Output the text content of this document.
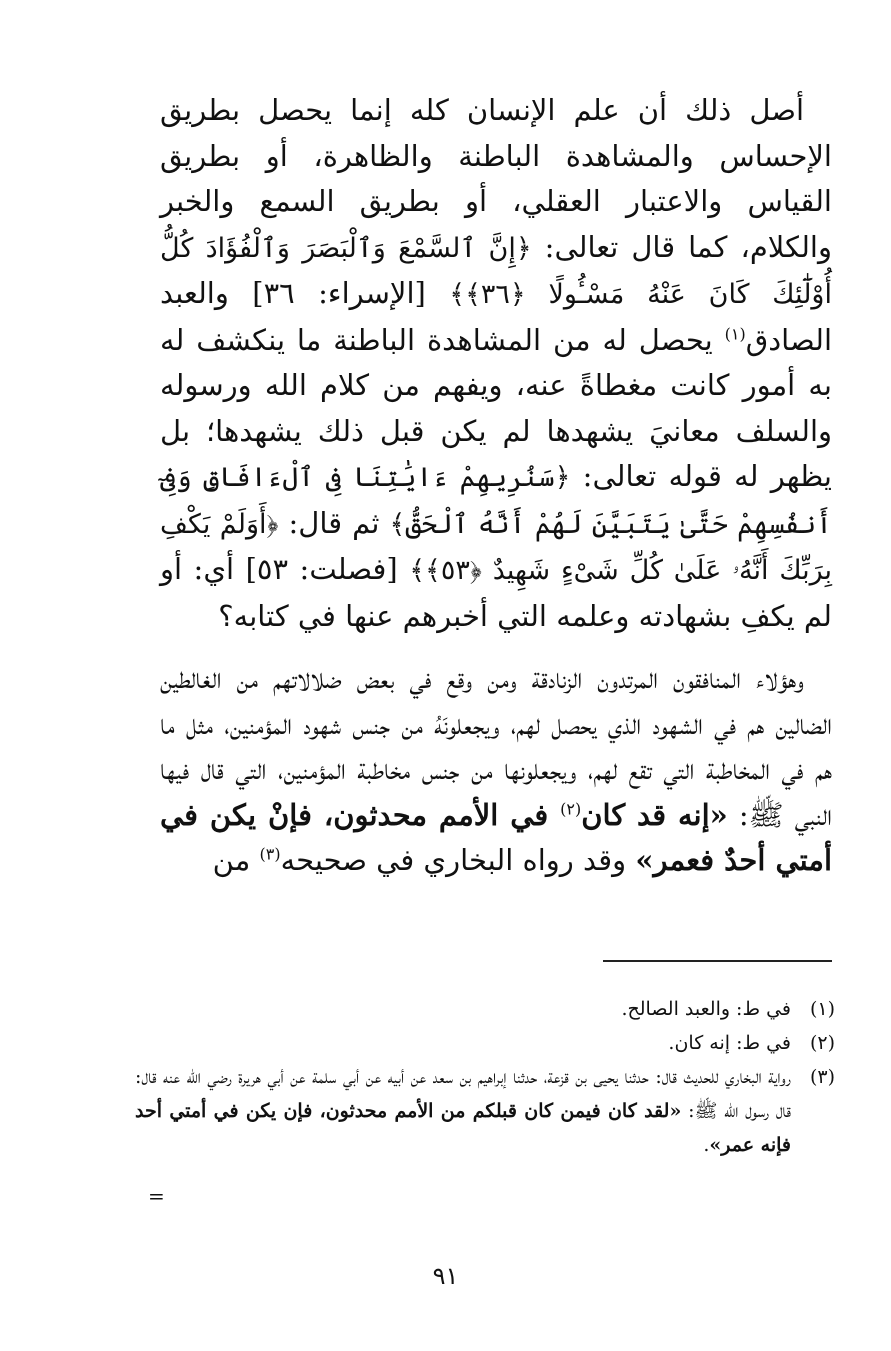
أصل ذلك أن علم الإنسان كله إنما يحصل بطريق الإحساس والمشاهدة الباطنة والظاهرة، أو بطريق القياس والاعتبار العقلي، أو بطريق السمع والخبر والكلام، كما قال تعالى: ﴿إِنَّ ٱلسَّمْعَ وَٱلْبَصَرَ وَٱلْفُؤَادَ كُلُّ أُوْلَٰٓئِكَ كَانَ عَنْهُ مَسْـُٔولًا ﴿٣٦﴾﴾ [الإسراء: ٣٦] والعبد الصادق$^{(١)}$ يحصل له من المشاهدة الباطنة ما ينكشف له به أمور كانت مغطاةً عنه، ويفهم من كلام الله ورسوله والسلف معانيَ يشهدها لم يكن قبل ذلك يشهدها؛ بل يظهر له قوله تعالى: ﴿سَنُرِيهِمْ ءَايَٰتِنَا فِى ٱلْءَافَاقِ وَفِىٓ أَنفُسِهِمْ حَتَّىٰ يَتَبَيَّنَ لَهُمْ أَنَّهُ ٱلْحَقُّ﴾ ثم قال: ﴿أَوَلَمْ يَكْفِ بِرَبِّكَ أَنَّهُۥ عَلَىٰ كُلِّ شَىْءٍ شَهِيدٌ ﴿٥٣﴾﴾ [فصلت: ٥٣] أي: أو لم يكفِ بشهادته وعلمه التي أخبرهم عنها في كتابه؟

وهؤلاء المنافقون المرتدون الزنادقة ومن وقع في بعض ضلالاتهم من الغالطين الضالين هم في الشهود الذي يحصل لهم، ويجعلونَهُ من جنس شهود المؤمنين، مثل ما هم في المخاطبة التي تقع لهم، ويجعلونها من جنس مخاطبة المؤمنين، التي قال فيها النبي ﷺ: «إنه قد كان$^{(٢)}$ في الأمم محدثون، فإنْ يكن في أمتي أحدٌ فعمر» وقد رواه البخاري في صحيحه$^{(٣)}$ من

(١)
في ط: والعبد الصالح.
(٢)
في ط: إنه كان.
(٣)
رواية البخاري للحديث قال: حدثنا يحيى بن قزعة، حدثنا إبراهيم بن سعد عن أبيه عن أبي سلمة عن أبي هريرة رضي الله عنه قال: قال رسول الله ﷺ: «لقد كان فيمن كان قبلكم من الأمم محدثون، فإن يكن في أمتي أحد فإنه عمر».
=
٩١
